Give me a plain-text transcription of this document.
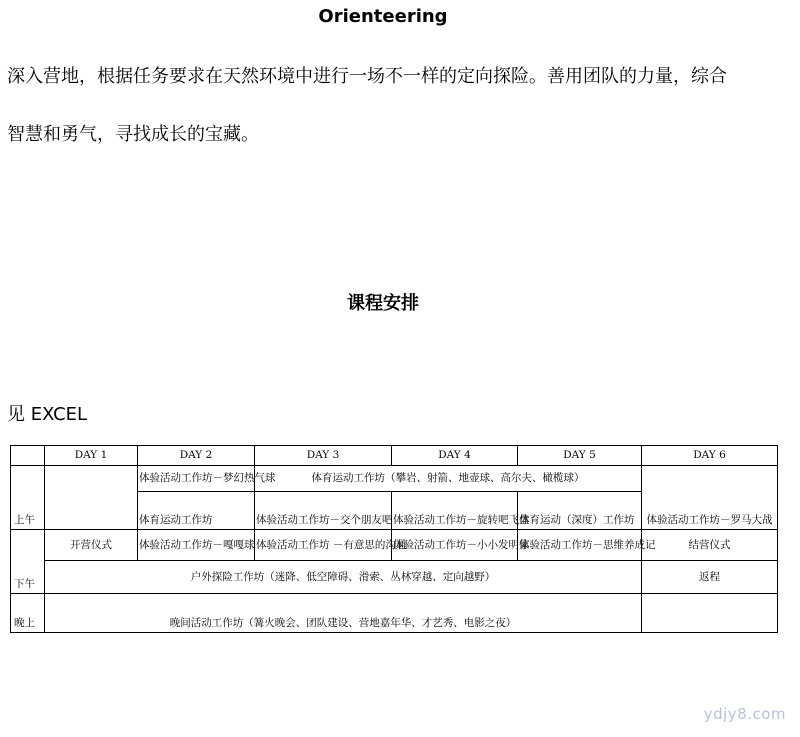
Orienteering
深入营地，根据任务要求在天然环境中进行一场不一样的定向探险。善用团队的力量，综合
智慧和勇气，寻找成长的宝藏。
课程安排
见 EXCEL
	DAY 1	DAY 2	DAY 3	DAY 4	DAY 5	DAY 6
上午		体验活动工作坊－梦幻热气球	体育运动工作坊（攀岩、射箭、地壶球、高尔夫、橄榄球）			体验活动工作坊－罗马大战
		体育运动工作坊	体验活动工作坊－交个朋友吧	体验活动工作坊－旋转吧飞盘	体育运动（深度）工作坊	
下午	开营仪式	体验活动工作坊－嘎嘎球	体验活动工作坊 －有意思的沟通	体验活动工作坊－小小发明家	体验活动工作坊－思维养成记	结营仪式
	户外探险工作坊（迷降、低空障碍、滑索、丛林穿越、定向越野）					返程
晚上	晚间活动工作坊（篝火晚会、团队建设、营地嘉年华、才艺秀、电影之夜）					
ydjy8.com
